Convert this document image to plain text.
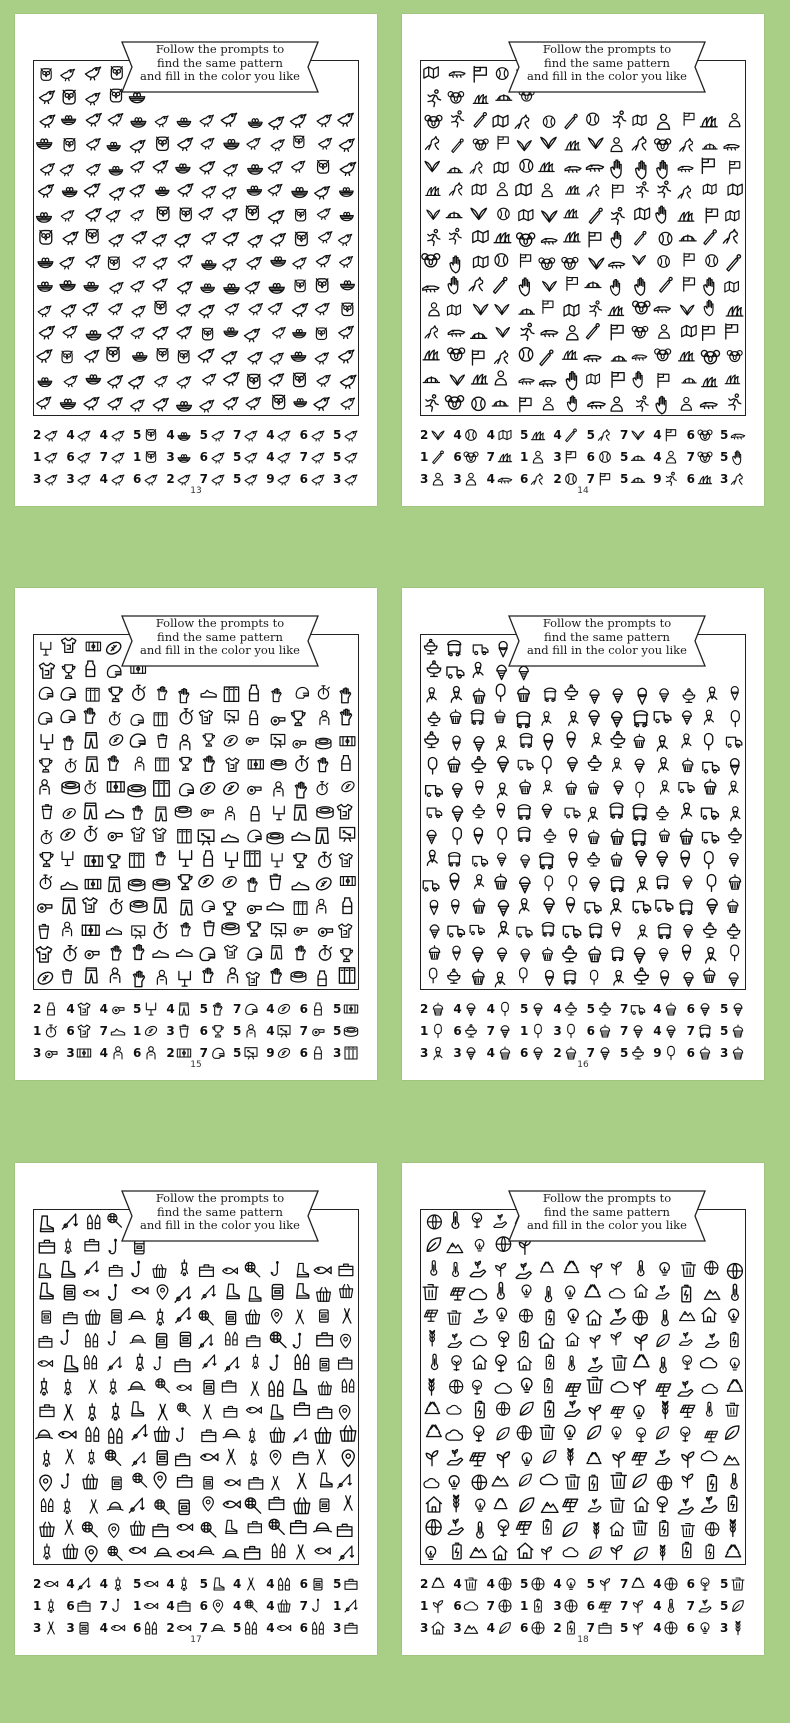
Follow the prompts to
find the same pattern
and fill in the color you like
2 4 4 5 4 5 7 4 6 5
1 6 7 1 3 6 5 4 7 5
3 3 4 6 2 7 5 9 6 3
13
Follow the prompts to
find the same pattern
and fill in the color you like
2 4 4 5 4 5 7 4 6 5
1 6 7 1 3 6 5 4 7 5
3 3 4 6 2 7 5 9 6 3
14
Follow the prompts to
find the same pattern
and fill in the color you like
2 4 4 5 4 5 7 4 6 5
1 6 7 1 3 6 5 4 7 5
3 3 4 6 2 7 5 9 6 3
15
Follow the prompts to
find the same pattern
and fill in the color you like
2 4 4 5 4 5 7 4 6 5
1 6 7 1 3 6 7 4 7 5
3 3 4 6 2 7 5 9 6 3
16
Follow the prompts to
find the same pattern
and fill in the color you like
2 4 4 5 4 5 4 4 6 5
1 6 7 1 4 6 4 4 7 1
3 3 4 6 2 7 5 4 6 3
17
Follow the prompts to
find the same pattern
and fill in the color you like
2 4 4 5 4 5 7 4 6 5
1 6 7 1 3 6 7 4 7 5
3 3 4 6 2 7 5 4 6 3
18
